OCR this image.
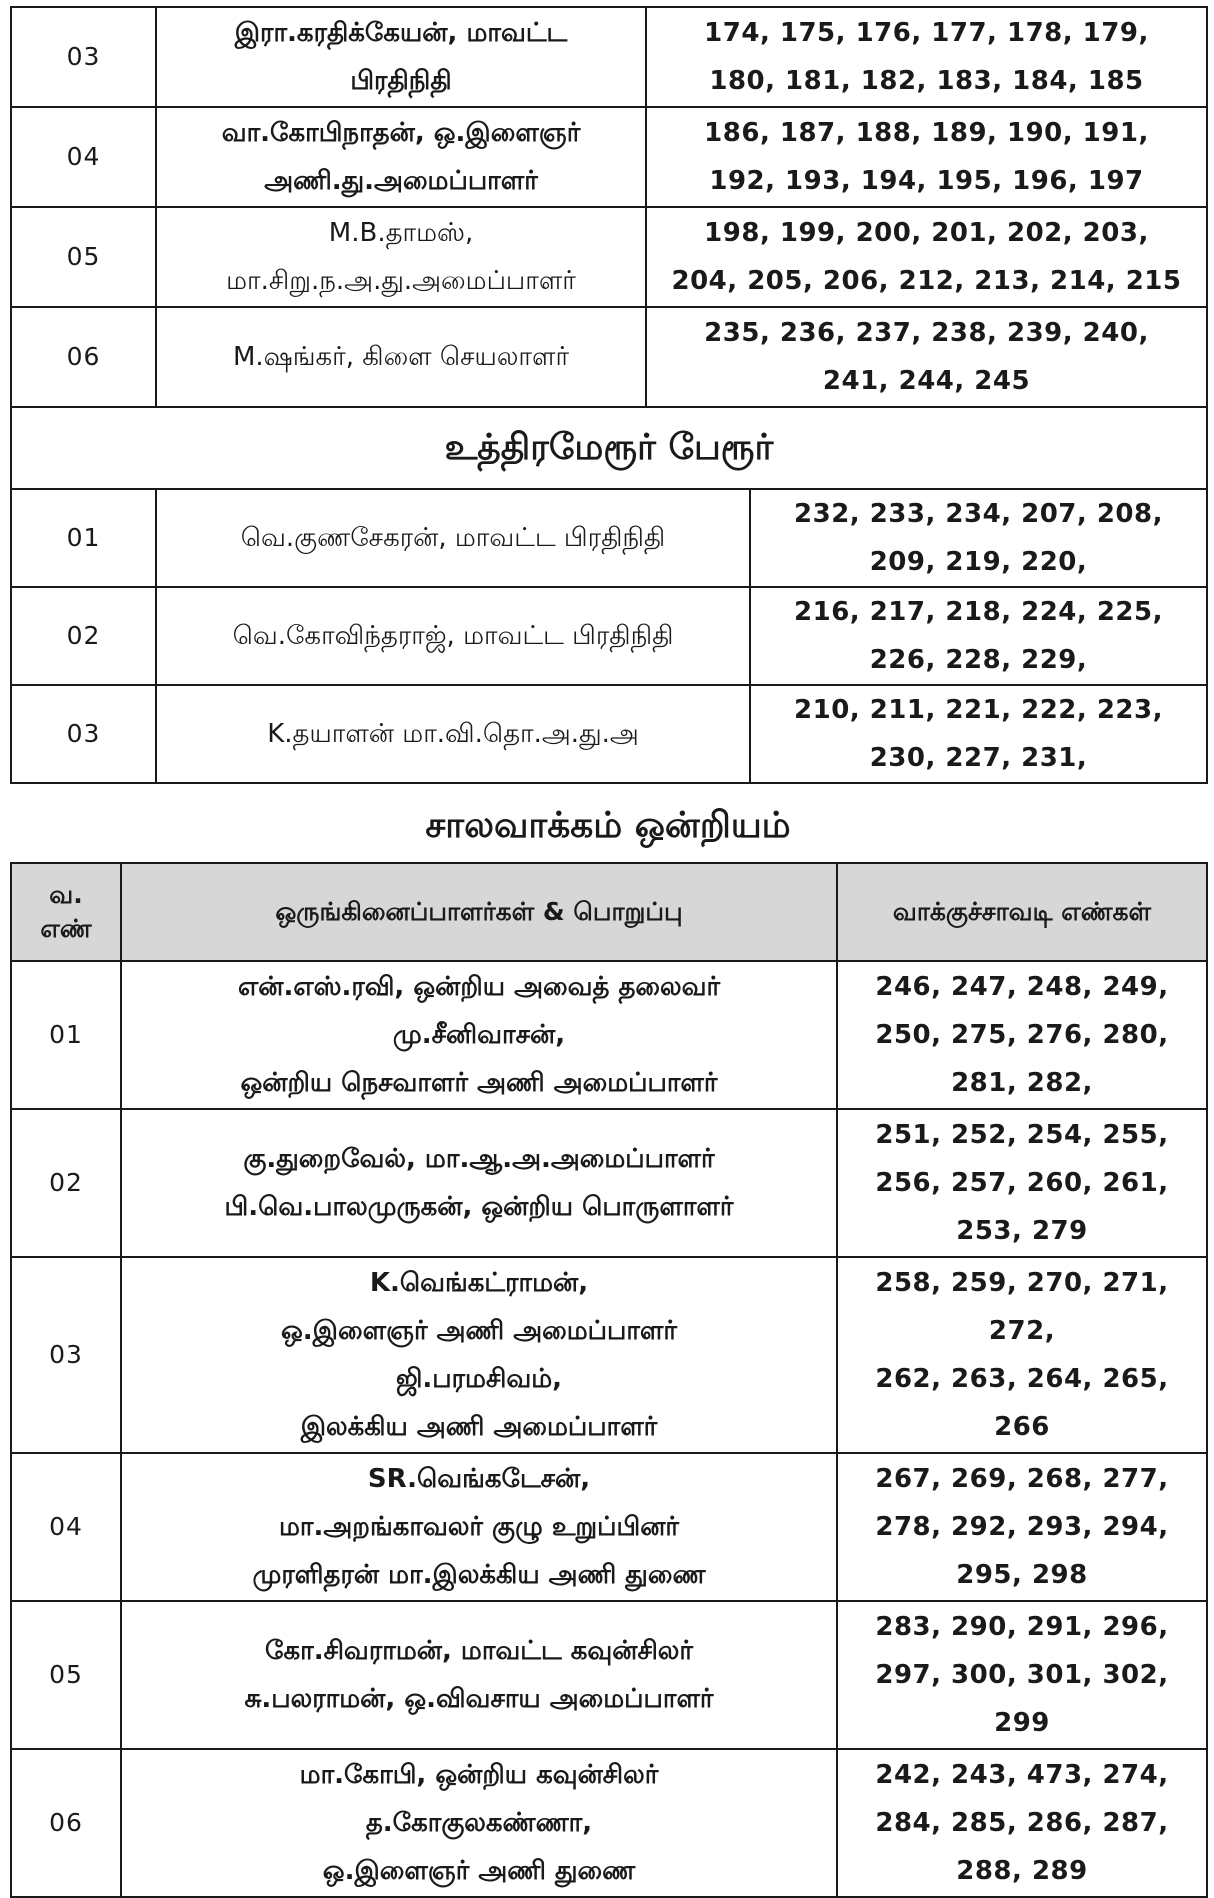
03	இரா.கரதிக்கேயன், மாவட்ட
பிரதிநிதி	174, 175, 176, 177, 178, 179,
180, 181, 182, 183, 184, 185	

04	வா.கோபிநாதன், ஒ.இளைஞர்
அணி.து.அமைப்பாளர்	186, 187, 188, 189, 190, 191,
192, 193, 194, 195, 196, 197	

05	M.B.தாமஸ்,
மா.சிறு.ந.அ.து.அமைப்பாளர்	198, 199, 200, 201, 202, 203,
204, 205, 206, 212, 213, 214, 215	

06	M.ஷங்கர், கிளை செயலாளர்	235, 236, 237, 238, 239, 240,
241, 244, 245	

உத்திரமேரூர் பேரூர்			
01	வெ.குணசேகரன், மாவட்ட பிரதிநிதி		232, 233, 234, 207, 208,
209, 219, 220,

02	வெ.கோவிந்தராஜ், மாவட்ட பிரதிநிதி		216, 217, 218, 224, 225,
226, 228, 229,

03	K.தயாளன் மா.வி.தொ.அ.து.அ		210, 211, 221, 222, 223,
230, 227, 231,
சாலவாக்கம் ஒன்றியம்
வ.
எண்	ஒருங்கினைப்பாளர்கள் & பொறுப்பு	வாக்குச்சாவடி எண்கள்
01	என்.எஸ்.ரவி, ஒன்றிய அவைத் தலைவர்
மு.சீனிவாசன்,
ஒன்றிய நெசவாளர் அணி அமைப்பாளர்	246, 247, 248, 249,
250, 275, 276, 280,
281, 282,

02	கு.துறைவேல், மா.ஆ.அ.அமைப்பாளர்
பி.வெ.பாலமுருகன், ஒன்றிய பொருளாளர்	251, 252, 254, 255,
256, 257, 260, 261,
253, 279

03	K.வெங்கட்ராமன்,
ஒ.இளைஞர் அணி அமைப்பாளர்
ஜி.பரமசிவம்,
இலக்கிய அணி அமைப்பாளர்	258, 259, 270, 271,
272,
262, 263, 264, 265,
266

04	SR.வெங்கடேசன்,
மா.அறங்காவலர் குழு உறுப்பினர்
முரளிதரன் மா.இலக்கிய அணி துணை	267, 269, 268, 277,
278, 292, 293, 294,
295, 298

05	கோ.சிவராமன், மாவட்ட கவுன்சிலர்
சு.பலராமன், ஒ.விவசாய அமைப்பாளர்	283, 290, 291, 296,
297, 300, 301, 302,
299

06	மா.கோபி, ஒன்றிய கவுன்சிலர்
த.கோகுலகண்ணா,
ஒ.இளைஞர் அணி துணை	242, 243, 473, 274,
284, 285, 286, 287,
288, 289
